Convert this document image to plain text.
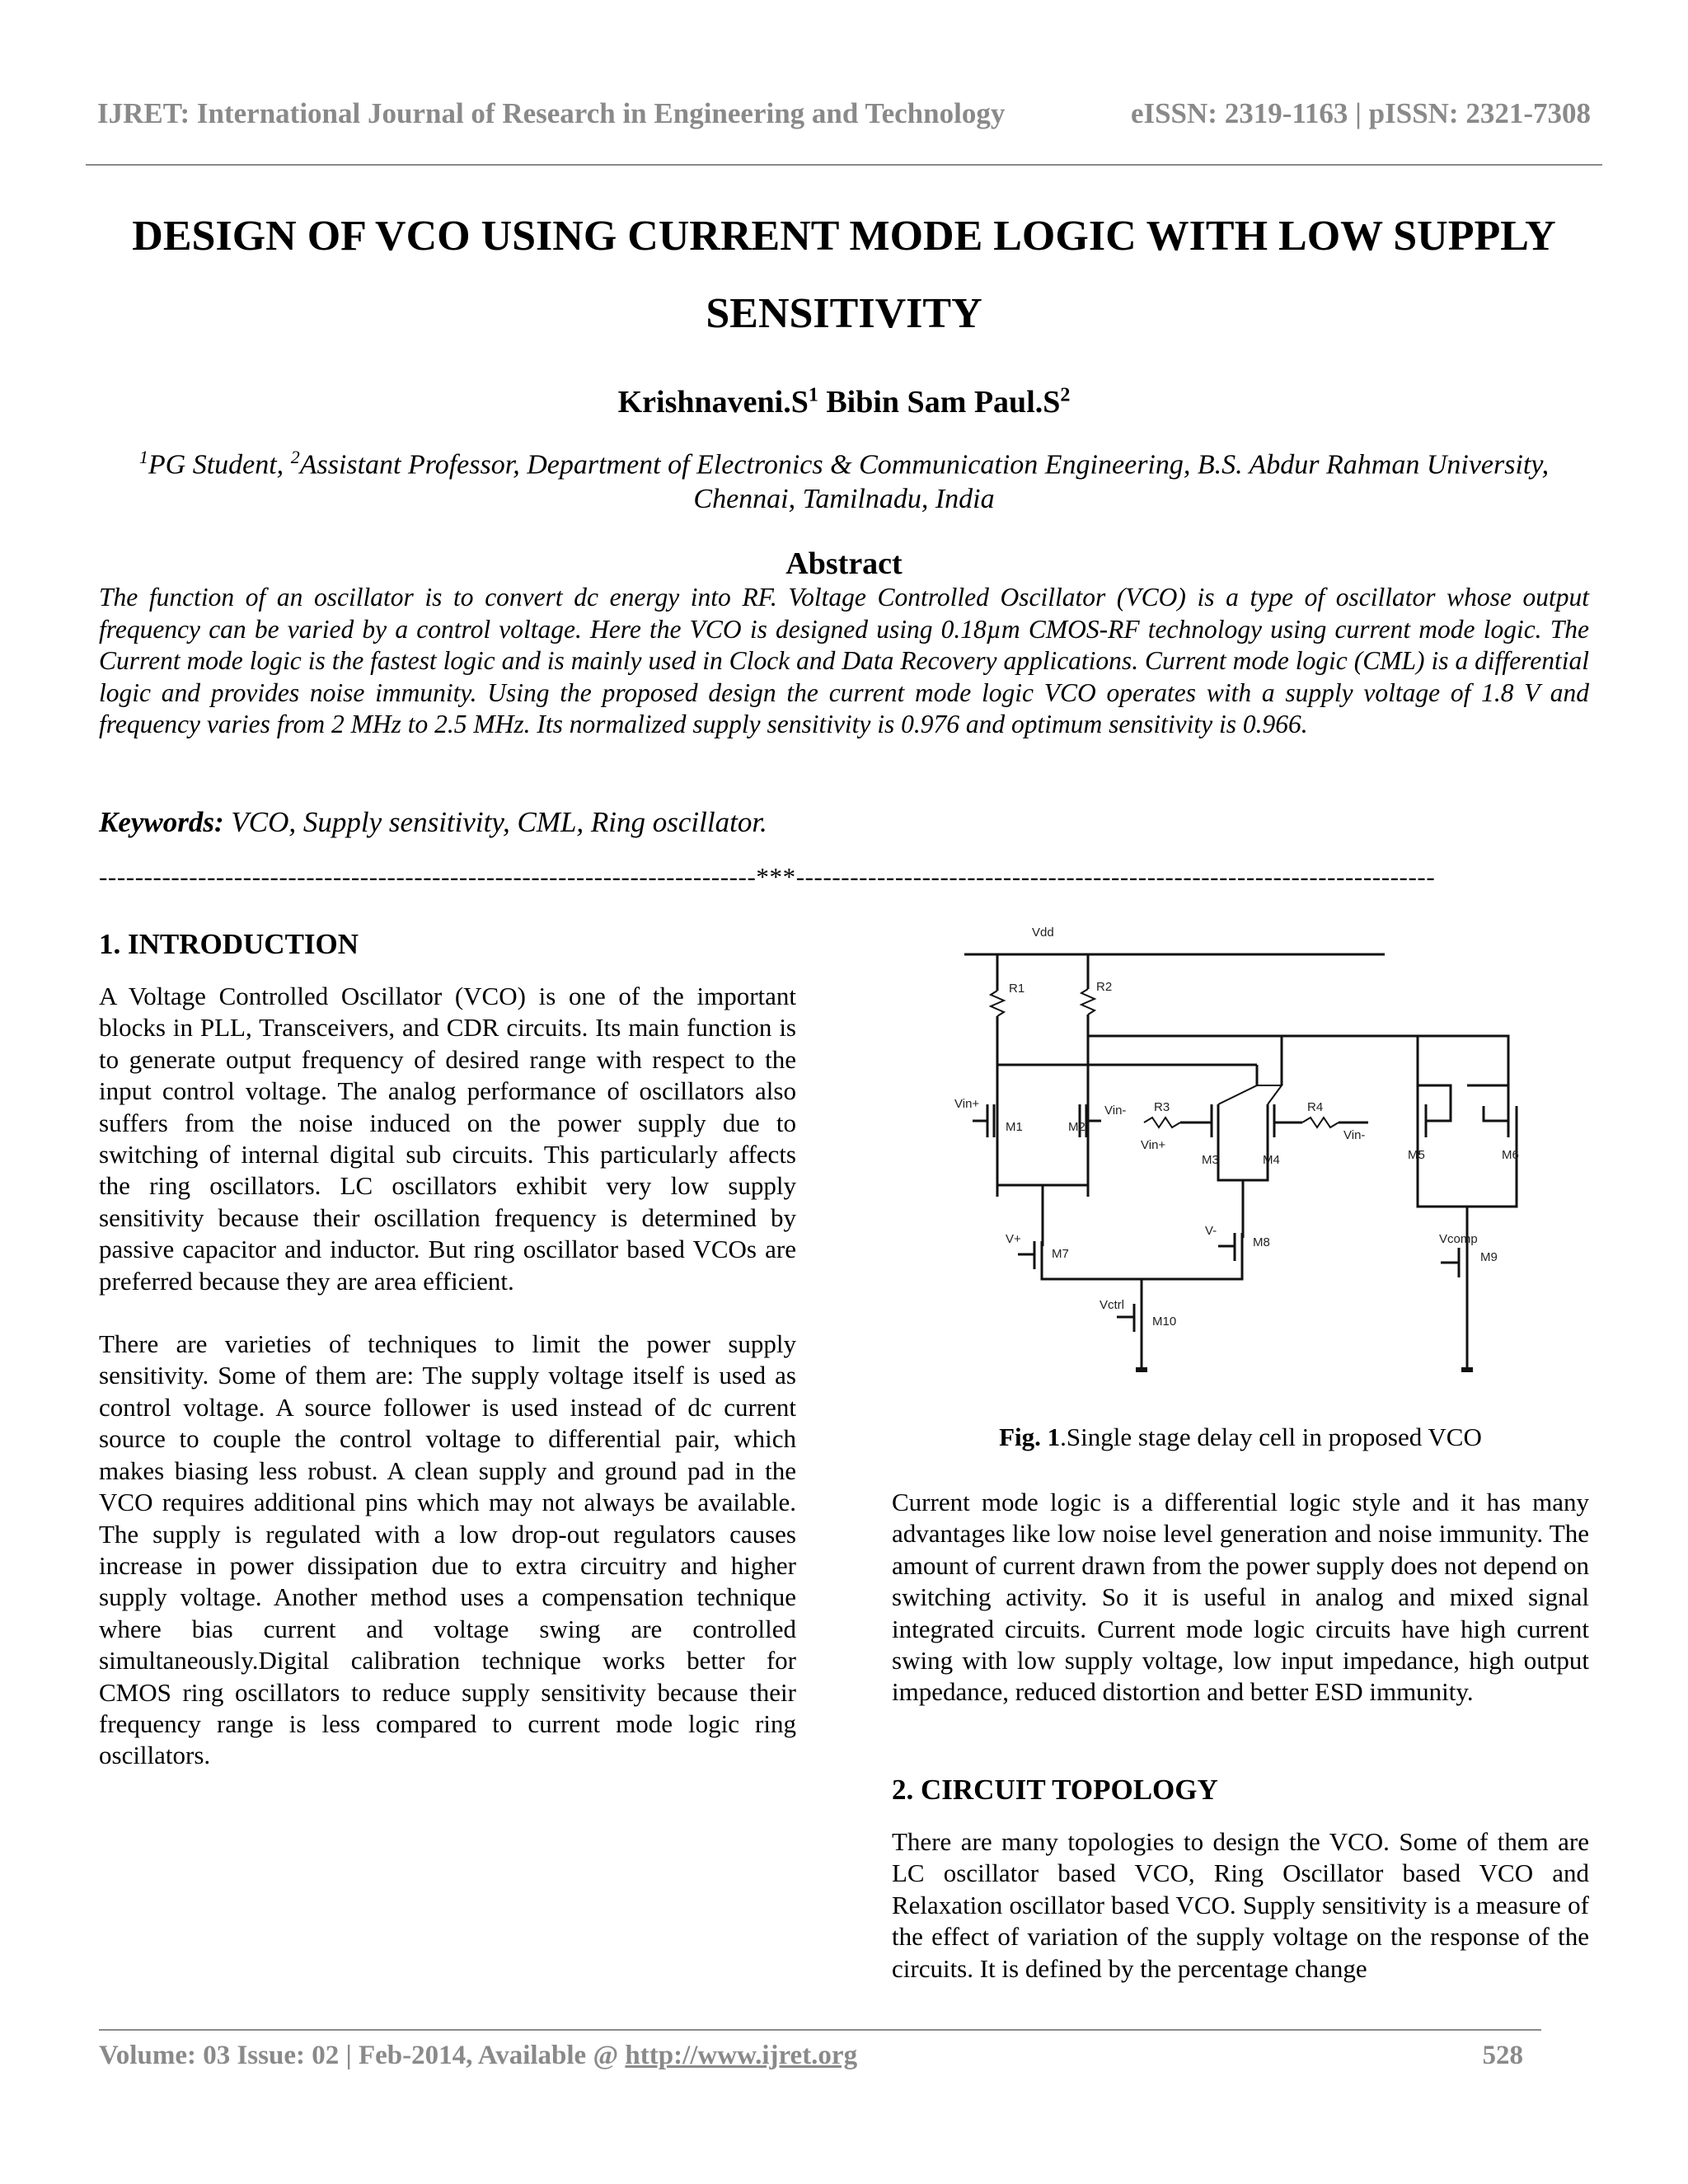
IJRET: International Journal of Research in Engineering and Technology	eISSN: 2319-1163 | pISSN: 2321-7308
DESIGN OF VCO USING CURRENT MODE LOGIC WITH LOW SUPPLY SENSITIVITY
$Krishnaveni.S^1$ Bibin Sam $Paul.S^2$
$^1$PG Student, $^2$Assistant Professor, Department of Electronics & Communication Engineering, B.S. Abdur Rahman University, Chennai, Tamilnadu, India
Abstract

The function of an oscillator is to convert dc energy into RF. Voltage Controlled Oscillator (VCO) is a type of oscillator whose output frequency can be varied by a control voltage. Here the VCO is designed using 0.18µm CMOS-RF technology using current mode logic. The Current mode logic is the fastest logic and is mainly used in Clock and Data Recovery applications. Current mode logic (CML) is a differential logic and provides noise immunity. Using the proposed design the current mode logic VCO operates with a supply voltage of 1.8 V and frequency varies from 2 MHz to 2.5 MHz. Its normalized supply sensitivity is 0.976 and optimum sensitivity is 0.966.

Keywords: VCO, Supply sensitivity, CML, Ring oscillator.
-------------------------------------------------------------------------***-----------------------------------------------------------------------
1. INTRODUCTION

A Voltage Controlled Oscillator (VCO) is one of the important blocks in PLL, Transceivers, and CDR circuits. Its main function is to generate output frequency of desired range with respect to the input control voltage. The analog performance of oscillators also suffers from the noise induced on the power supply due to switching of internal digital sub circuits. This particularly affects the ring oscillators. LC oscillators exhibit very low supply sensitivity because their oscillation frequency is determined by passive capacitor and inductor. But ring oscillator based VCOs are preferred because they are area efficient.

There are varieties of techniques to limit the power supply sensitivity. Some of them are: The supply voltage itself is used as control voltage. A source follower is used instead of dc current source to couple the control voltage to differential pair, which makes biasing less robust. A clean supply and ground pad in the VCO requires additional pins which may not always be available. The supply is regulated with a low drop-out regulators causes increase in power dissipation due to extra circuitry and higher supply voltage. Another method uses a compensation technique where bias current and voltage swing are controlled simultaneously.Digital calibration technique works better for CMOS ring oscillators to reduce supply sensitivity because their frequency range is less compared to current mode logic ring oscillators.

Vdd
R1	R2
Vin+
M1	M2
Vin- R3
Vin+
M3	M4
R4
Vin-
M5	M6
V+
M7
V-
M8
Vctrl
M10
Vcomp
M9
Fig. 1.Single stage delay cell in proposed VCO

Current mode logic is a differential logic style and it has many advantages like low noise level generation and noise immunity. The amount of current drawn from the power supply does not depend on switching activity. So it is useful in analog and mixed signal integrated circuits. Current mode logic circuits have high current swing with low supply voltage, low input impedance, high output impedance, reduced distortion and better ESD immunity.

2. CIRCUIT TOPOLOGY

There are many topologies to design the VCO. Some of them are LC oscillator based VCO, Ring Oscillator based VCO and Relaxation oscillator based VCO. Supply sensitivity is a measure of the effect of variation of the supply voltage on the response of the circuits. It is defined by the percentage change

Volume: 03 Issue: 02 | Feb-2014, Available @ http://www.ijret.org	528
